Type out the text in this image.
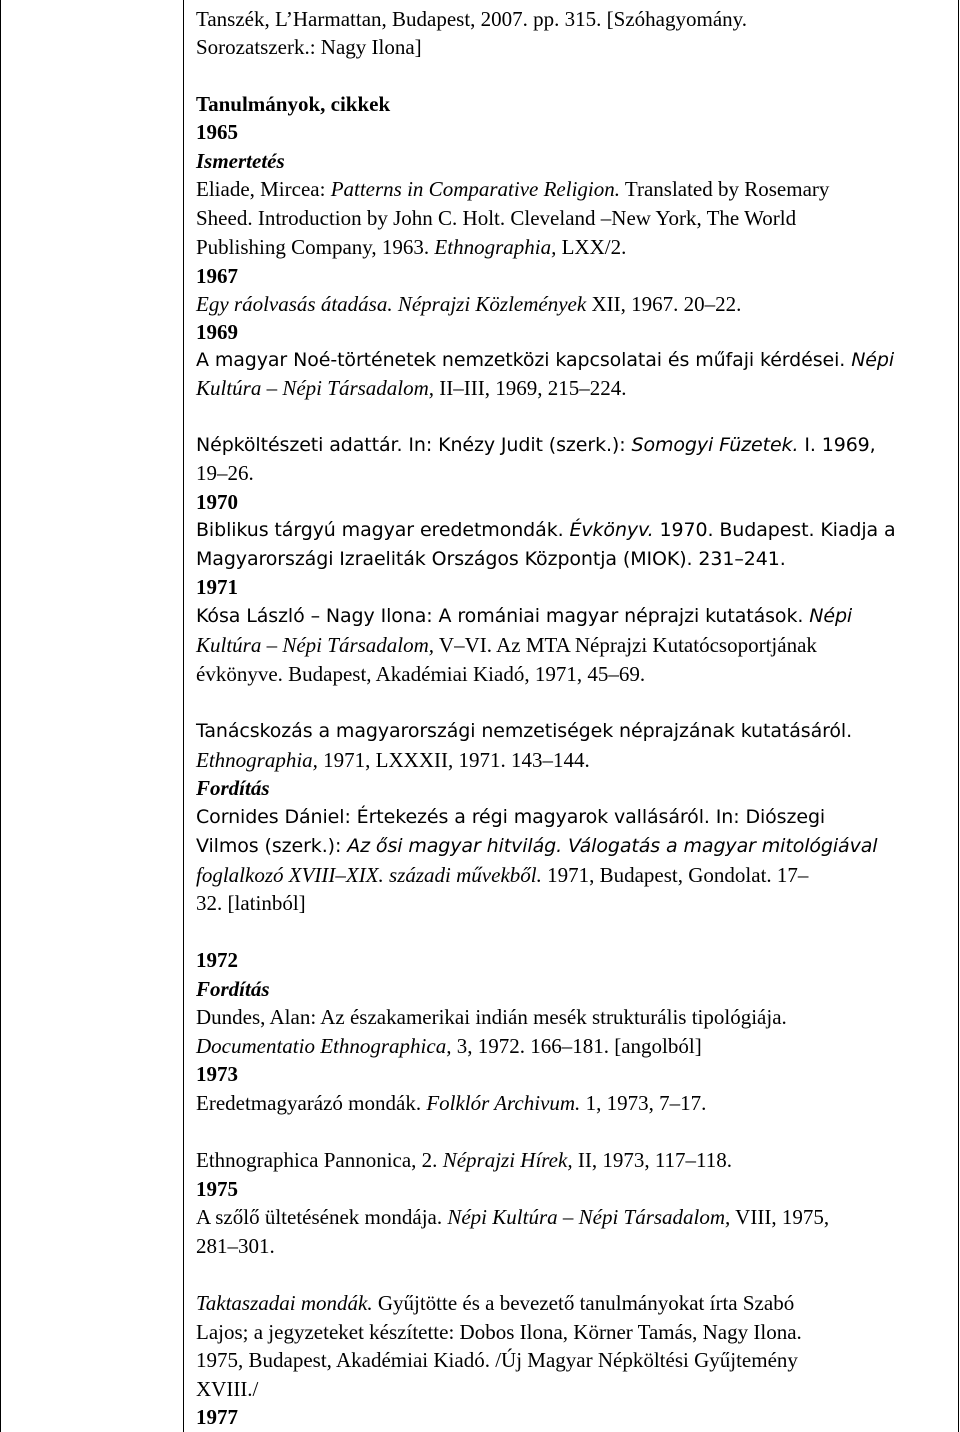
Tanszék, L’Harmattan, Budapest, 2007. pp. 315. [Szóhagyomány.
Sorozatszerk.: Nagy Ilona]
Tanulmányok, cikkek
1965
Ismertetés
Eliade, Mircea: Patterns in Comparative Religion. Translated by Rosemary
Sheed. Introduction by John C. Holt. Cleveland –New York, The World
Publishing Company, 1963. Ethnographia, LXX/2.
1967
Egy ráolvasás átadása. Néprajzi Közlemények XII, 1967. 20–22.
1969
A magyar Noé-történetek nemzetközi kapcsolatai és műfaji kérdései. Népi
Kultúra – Népi Társadalom, II–III, 1969, 215–224.
Népköltészeti adattár. In: Knézy Judit (szerk.): Somogyi Füzetek. I. 1969,
19–26.
1970
Biblikus tárgyú magyar eredetmondák. Évkönyv. 1970. Budapest. Kiadja a
Magyarországi Izraeliták Országos Központja (MIOK). 231–241.
1971
Kósa László – Nagy Ilona: A romániai magyar néprajzi kutatások. Népi
Kultúra – Népi Társadalom, V–VI. Az MTA Néprajzi Kutatócsoportjának
évkönyve. Budapest, Akadémiai Kiadó, 1971, 45–69.
Tanácskozás a magyarországi nemzetiségek néprajzának kutatásáról.
Ethnographia, 1971, LXXXII, 1971. 143–144.
Fordítás
Cornides Dániel: Értekezés a régi magyarok vallásáról. In: Diószegi
Vilmos (szerk.): Az ősi magyar hitvilág. Válogatás a magyar mitológiával
foglalkozó XVIII–XIX. századi művekből. 1971, Budapest, Gondolat. 17–
32. [latinból]
1972
Fordítás
Dundes, Alan: Az északamerikai indián mesék strukturális tipológiája.
Documentatio Ethnographica, 3, 1972. 166–181. [angolból]
1973
Eredetmagyarázó mondák. Folklór Archivum. 1, 1973, 7–17.
Ethnographica Pannonica, 2. Néprajzi Hírek, II, 1973, 117–118.
1975
A szőlő ültetésének mondája. Népi Kultúra – Népi Társadalom, VIII, 1975,
281–301.
Taktaszadai mondák. Gyűjtötte és a bevezető tanulmányokat írta Szabó
Lajos; a jegyzeteket készítette: Dobos Ilona, Körner Tamás, Nagy Ilona.
1975, Budapest, Akadémiai Kiadó. /Új Magyar Népköltési Gyűjtemény
XVIII./
1977
